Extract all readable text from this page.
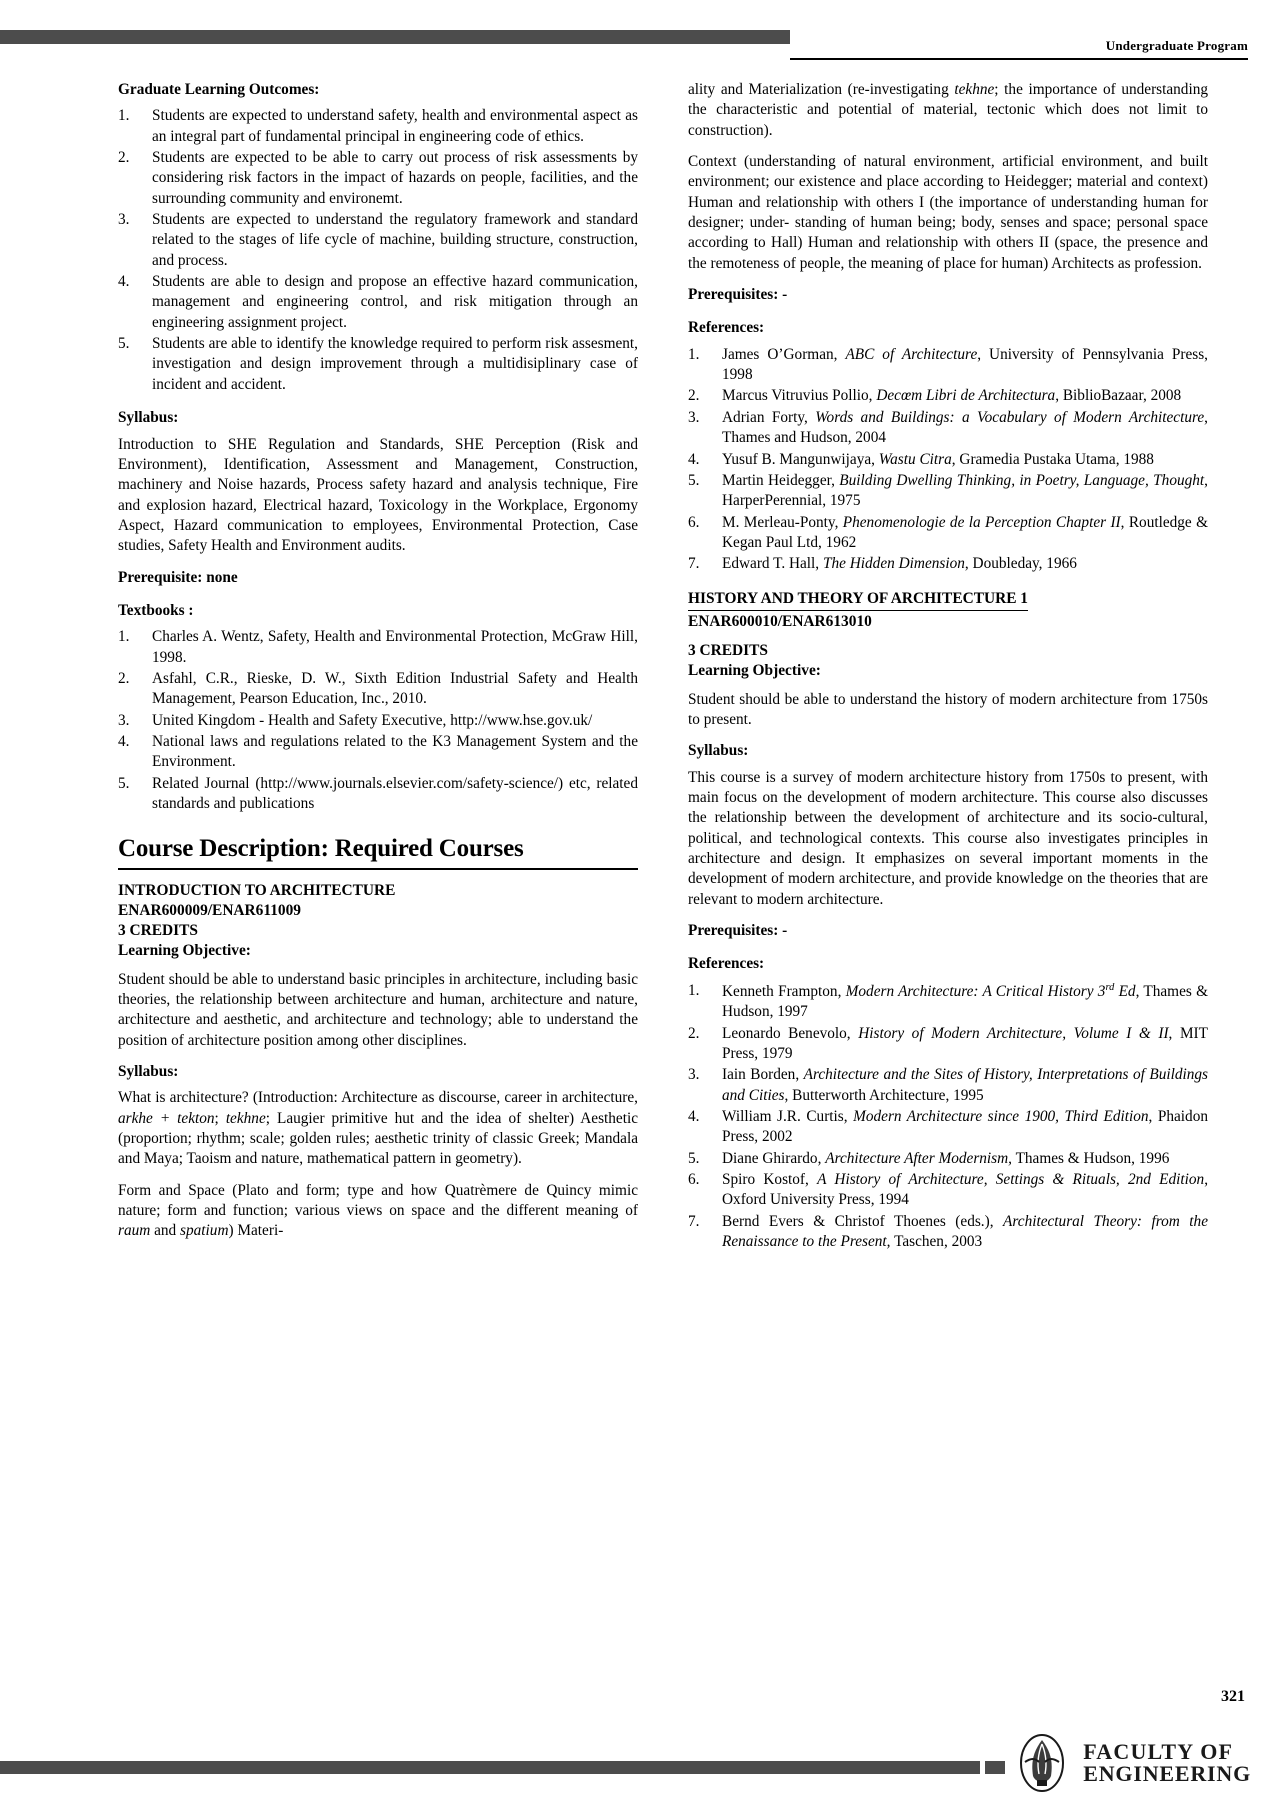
Undergraduate Program
Graduate Learning Outcomes:
Students are expected to understand safety, health and environmental aspect as an integral part of fundamental principal in engineering code of ethics.
Students are expected to be able to carry out process of risk assessments by considering risk factors in the impact of hazards on people, facilities, and the surrounding community and environemt.
Students are expected to understand the regulatory framework and standard related to the stages of life cycle of machine, building structure, construction, and process.
Students are able to design and propose an effective hazard communication, management and engineering control, and risk mitigation through an engineering assignment project.
Students are able to identify the knowledge required to perform risk assesment, investigation and design improvement through a multidisiplinary case of incident and accident.
Syllabus:

Introduction to SHE Regulation and Standards, SHE Perception (Risk and Environment), Identification, Assessment and Management, Construction, machinery and Noise hazards, Process safety hazard and analysis technique, Fire and explosion hazard, Electrical hazard, Toxicology in the Workplace, Ergonomy Aspect, Hazard communication to employees, Environmental Protection, Case studies, Safety Health and Environment audits.

Prerequisite: none
Textbooks :
Charles A. Wentz, Safety, Health and Environmental Protection, McGraw Hill, 1998.
Asfahl, C.R., Rieske, D. W., Sixth Edition Industrial Safety and Health Management, Pearson Education, Inc., 2010.
United Kingdom - Health and Safety Executive, http://www.hse.gov.uk/
National laws and regulations related to the K3 Management System and the Environment.
Related Journal (http://www.journals.elsevier.com/safety-science/) etc, related standards and publications
Course Description: Required Courses
INTRODUCTION TO ARCHITECTURE
ENAR600009/ENAR611009
3 CREDITS
Learning Objective:

Student should be able to understand basic principles in architecture, including basic theories, the relationship between architecture and human, architecture and nature, architecture and aesthetic, and architecture and technology; able to understand the position of architecture position among other disciplines.

Syllabus:

What is architecture? (Introduction: Architecture as discourse, career in architecture, arkhe + tekton; tekhne; Laugier primitive hut and the idea of shelter) Aesthetic (proportion; rhythm; scale; golden rules; aesthetic trinity of classic Greek; Mandala and Maya; Taoism and nature, mathematical pattern in geometry).

Form and Space (Plato and form; type and how Quatrèmere de Quincy mimic nature; form and function; various views on space and the different meaning of raum and spatium) Materi-

ality and Materialization (re-investigating tekhne; the importance of understanding the characteristic and potential of material, tectonic which does not limit to construction).

Context (understanding of natural environment, artificial environment, and built environment; our existence and place according to Heidegger; material and context) Human and relationship with others I (the importance of understanding human for designer; under- standing of human being; body, senses and space; personal space according to Hall) Human and relationship with others II (space, the presence and the remoteness of people, the meaning of place for human) Architects as profession.

Prerequisites: -
References:
James O’Gorman, ABC of Architecture, University of Pennsylvania Press, 1998
Marcus Vitruvius Pollio, Decœm Libri de Architectura, BiblioBazaar, 2008
Adrian Forty, Words and Buildings: a Vocabulary of Modern Architecture, Thames and Hudson, 2004
Yusuf B. Mangunwijaya, Wastu Citra, Gramedia Pustaka Utama, 1988
Martin Heidegger, Building Dwelling Thinking, in Poetry, Language, Thought, HarperPerennial, 1975
M. Merleau-Ponty, Phenomenologie de la Perception Chapter II, Routledge & Kegan Paul Ltd, 1962
Edward T. Hall, The Hidden Dimension, Doubleday, 1966
HISTORY AND THEORY OF ARCHITECTURE 1
ENAR600010/ENAR613010
3 CREDITS
Learning Objective:

Student should be able to understand the history of modern architecture from 1750s to present.

Syllabus:

This course is a survey of modern architecture history from 1750s to present, with main focus on the development of modern architecture. This course also discusses the relationship between the development of architecture and its socio-cultural, political, and technological contexts. This course also investigates principles in architecture and design. It emphasizes on several important moments in the development of modern architecture, and provide knowledge on the theories that are relevant to modern architecture.

Prerequisites: -
References:
Kenneth Frampton, Modern Architecture: A Critical History 3rd Ed, Thames & Hudson, 1997
Leonardo Benevolo, History of Modern Architecture, Volume I & II, MIT Press, 1979
Iain Borden, Architecture and the Sites of History, Interpretations of Buildings and Cities, Butterworth Architecture, 1995
William J.R. Curtis, Modern Architecture since 1900, Third Edition, Phaidon Press, 2002
Diane Ghirardo, Architecture After Modernism, Thames & Hudson, 1996
Spiro Kostof, A History of Architecture, Settings & Rituals, 2nd Edition, Oxford University Press, 1994
Bernd Evers & Christof Thoenes (eds.), Architectural Theory: from the Renaissance to the Present, Taschen, 2003
321
FACULTY OF
ENGINEERING
